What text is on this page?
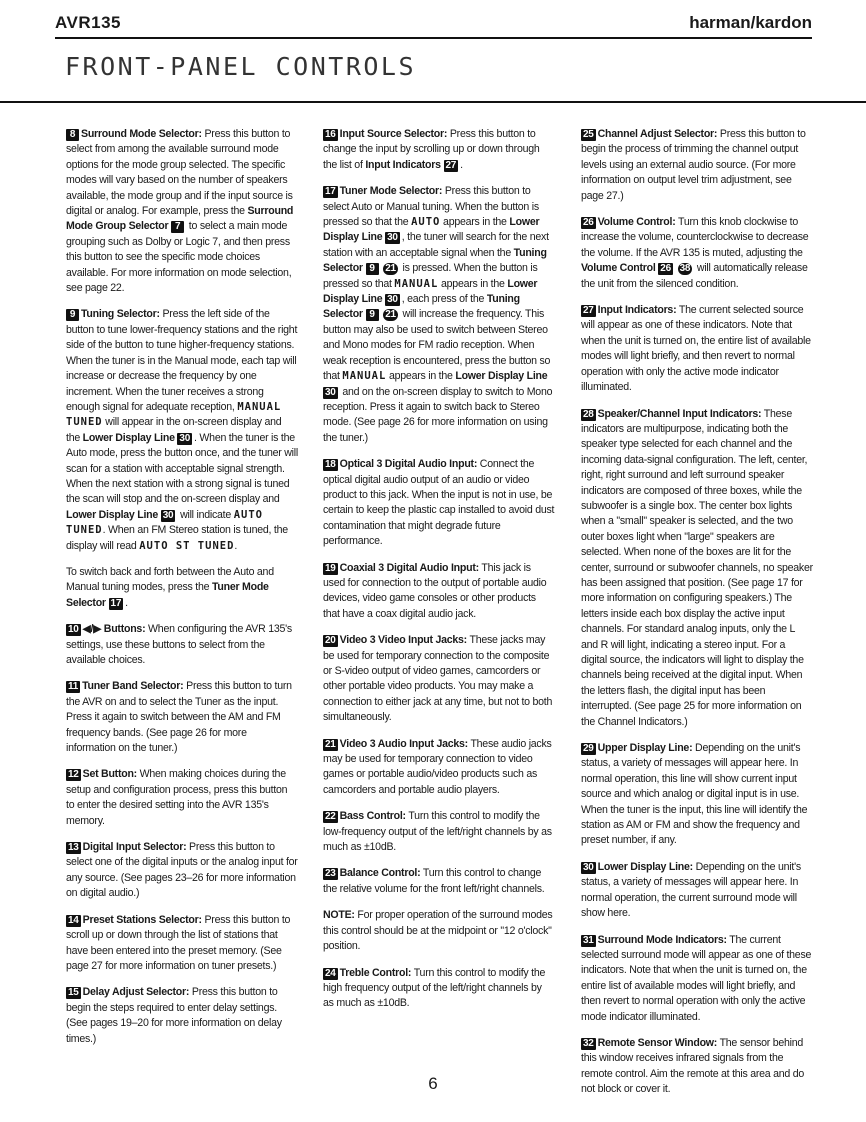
AVR135	harman/kardon
FRONT-PANEL CONTROLS

8 Surround Mode Selector: Press this button to select from among the available surround mode options for the mode group selected. The specific modes will vary based on the number of speakers available, the mode group and if the input source is digital or analog. For example, press the Surround Mode Group Selector 7 to select a main mode grouping such as Dolby or Logic 7, and then press this button to see the specific mode choices available. For more information on mode selection, see page 22.

9 Tuning Selector: Press the left side of the button to tune lower-frequency stations and the right side of the button to tune higher-frequency stations. When the tuner is in the Manual mode, each tap will increase or decrease the frequency by one increment. When the tuner receives a strong enough signal for adequate reception, MANUAL TUNED will appear in the on-screen display and the Lower Display Line 30 . When the tuner is the Auto mode, press the button once, and the tuner will scan for a station with acceptable signal strength. When the next station with a strong signal is tuned the scan will stop and the on-screen display and Lower Display Line 30 will indicate AUTO TUNED. When an FM Stereo station is tuned, the display will read AUTO ST TUNED.

To switch back and forth between the Auto and Manual tuning modes, press the Tuner Mode Selector 17 .

10 ◀/▶ Buttons: When configuring the AVR 135's settings, use these buttons to select from the available choices.

11 Tuner Band Selector: Press this button to turn the AVR on and to select the Tuner as the input. Press it again to switch between the AM and FM frequency bands. (See page 26 for more information on the tuner.)

12 Set Button: When making choices during the setup and configuration process, press this button to enter the desired setting into the AVR 135's memory.

13 Digital Input Selector: Press this button to select one of the digital inputs or the analog input for any source. (See pages 23–26 for more information on digital audio.)

14 Preset Stations Selector: Press this button to scroll up or down through the list of stations that have been entered into the preset memory. (See page 27 for more information on tuner presets.)

15 Delay Adjust Selector: Press this button to begin the steps required to enter delay settings. (See pages 19–20 for more information on delay times.)

16 Input Source Selector: Press this button to change the input by scrolling up or down through the list of Input Indicators 27 .

17 Tuner Mode Selector: Press this button to select Auto or Manual tuning. When the button is pressed so that the AUTO appears in the Lower Display Line 30 , the tuner will search for the next station with an acceptable signal when the Tuning Selector 9 21 is pressed. When the button is pressed so that MANUAL appears in the Lower Display Line 30 , each press of the Tuning Selector 9 21 will increase the frequency. This button may also be used to switch between Stereo and Mono modes for FM radio reception. When weak reception is encountered, press the button so that MANUAL appears in the Lower Display Line 30 and on the on-screen display to switch to Mono reception. Press it again to switch back to Stereo mode. (See page 26 for more information on using the tuner.)

18 Optical 3 Digital Audio Input: Connect the optical digital audio output of an audio or video product to this jack. When the input is not in use, be certain to keep the plastic cap installed to avoid dust contamination that might degrade future performance.

19 Coaxial 3 Digital Audio Input: This jack is used for connection to the output of portable audio devices, video game consoles or other products that have a coax digital audio jack.

20 Video 3 Video Input Jacks: These jacks may be used for temporary connection to the composite or S-video output of video games, camcorders or other portable video products. You may make a connection to either jack at any time, but not to both simultaneously.

21 Video 3 Audio Input Jacks: These audio jacks may be used for temporary connection to video games or portable audio/video products such as camcorders and portable audio players.

22 Bass Control: Turn this control to modify the low-frequency output of the left/right channels by as much as ±10dB.

23 Balance Control: Turn this control to change the relative volume for the front left/right channels.

NOTE: For proper operation of the surround modes this control should be at the midpoint or "12 o'clock" position.

24 Treble Control: Turn this control to modify the high frequency output of the left/right channels by as much as ±10dB.

25 Channel Adjust Selector: Press this button to begin the process of trimming the channel output levels using an external audio source. (For more information on output level trim adjustment, see page 27.)

26 Volume Control: Turn this knob clockwise to increase the volume, counterclockwise to decrease the volume. If the AVR 135 is muted, adjusting the Volume Control 26 38 will automatically release the unit from the silenced condition.

27 Input Indicators: The current selected source will appear as one of these indicators. Note that when the unit is turned on, the entire list of available modes will light briefly, and then revert to normal operation with only the active mode indicator illuminated.

28 Speaker/Channel Input Indicators: These indicators are multipurpose, indicating both the speaker type selected for each channel and the incoming data-signal configuration. The left, center, right, right surround and left surround speaker indicators are composed of three boxes, while the subwoofer is a single box. The center box lights when a "small" speaker is selected, and the two outer boxes light when "large" speakers are selected. When none of the boxes are lit for the center, surround or subwoofer channels, no speaker has been assigned that position. (See page 17 for more information on configuring speakers.) The letters inside each box display the active input channels. For standard analog inputs, only the L and R will light, indicating a stereo input. For a digital source, the indicators will light to display the channels being received at the digital input. When the letters flash, the digital input has been interrupted. (See page 25 for more information on the Channel Indicators.)

29 Upper Display Line: Depending on the unit's status, a variety of messages will appear here. In normal operation, this line will show current input source and which analog or digital input is in use. When the tuner is the input, this line will identify the station as AM or FM and show the frequency and preset number, if any.

30 Lower Display Line: Depending on the unit's status, a variety of messages will appear here. In normal operation, the current surround mode will show here.

31 Surround Mode Indicators: The current selected surround mode will appear as one of these indicators. Note that when the unit is turned on, the entire list of available modes will light briefly, and then revert to normal operation with only the active mode indicator illuminated.

32 Remote Sensor Window: The sensor behind this window receives infrared signals from the remote control. Aim the remote at this area and do not block or cover it.

6
